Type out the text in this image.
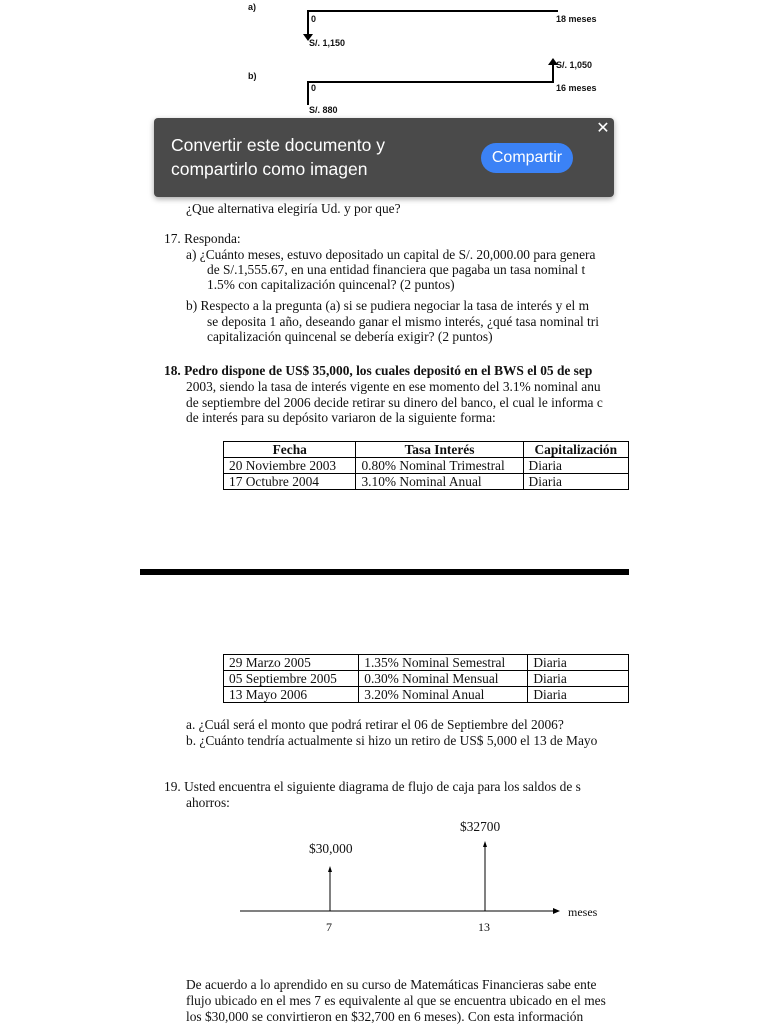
a)
0	18 meses
S/. 1,150
b)
S/. 1,050
0	16 meses
S/. 880
¿Que alternativa elegiría Ud. y por que?
17. Responda:
a) ¿Cuánto meses, estuvo depositado un capital de S/. 20,000.00 para genera
de S/.1,555.67, en una entidad financiera que pagaba un tasa nominal t
1.5% con capitalización quincenal? (2 puntos)
b) Respecto a la pregunta (a) si se pudiera negociar la tasa de interés y el m
se deposita 1 año, deseando ganar el mismo interés, ¿qué tasa nominal tri
capitalización quincenal se debería exigir? (2 puntos)
18. Pedro dispone de US$ 35,000, los cuales depositó en el BWS el 05 de sep
2003, siendo la tasa de interés vigente en ese momento del 3.1% nominal anu
de septiembre del 2006 decide retirar su dinero del banco, el cual le informa c
de interés para su depósito variaron de la siguiente forma:
Fecha	Tasa Interés	Capitalización
20 Noviembre 2003	0.80% Nominal Trimestral	Diaria
17 Octubre 2004	3.10% Nominal Anual	Diaria
29 Marzo 2005	1.35% Nominal Semestral	Diaria
05 Septiembre 2005	0.30% Nominal Mensual	Diaria
13 Mayo 2006	3.20% Nominal Anual	Diaria
a. ¿Cuál será el monto que podrá retirar el 06 de Septiembre del 2006?
b. ¿Cuánto tendría actualmente si hizo un retiro de US$ 5,000 el 13 de Mayo
19. Usted encuentra el siguiente diagrama de flujo de caja para los saldos de s
ahorros:
$32700
$30,000
meses
7	13
De acuerdo a lo aprendido en su curso de Matemáticas Financieras sabe ente
flujo ubicado en el mes 7 es equivalente al que se encuentra ubicado en el mes
los $30,000 se convirtieron en $32,700 en 6 meses). Con esta información
Convertir este documento y
compartirlo como imagen
Compartir
✕
